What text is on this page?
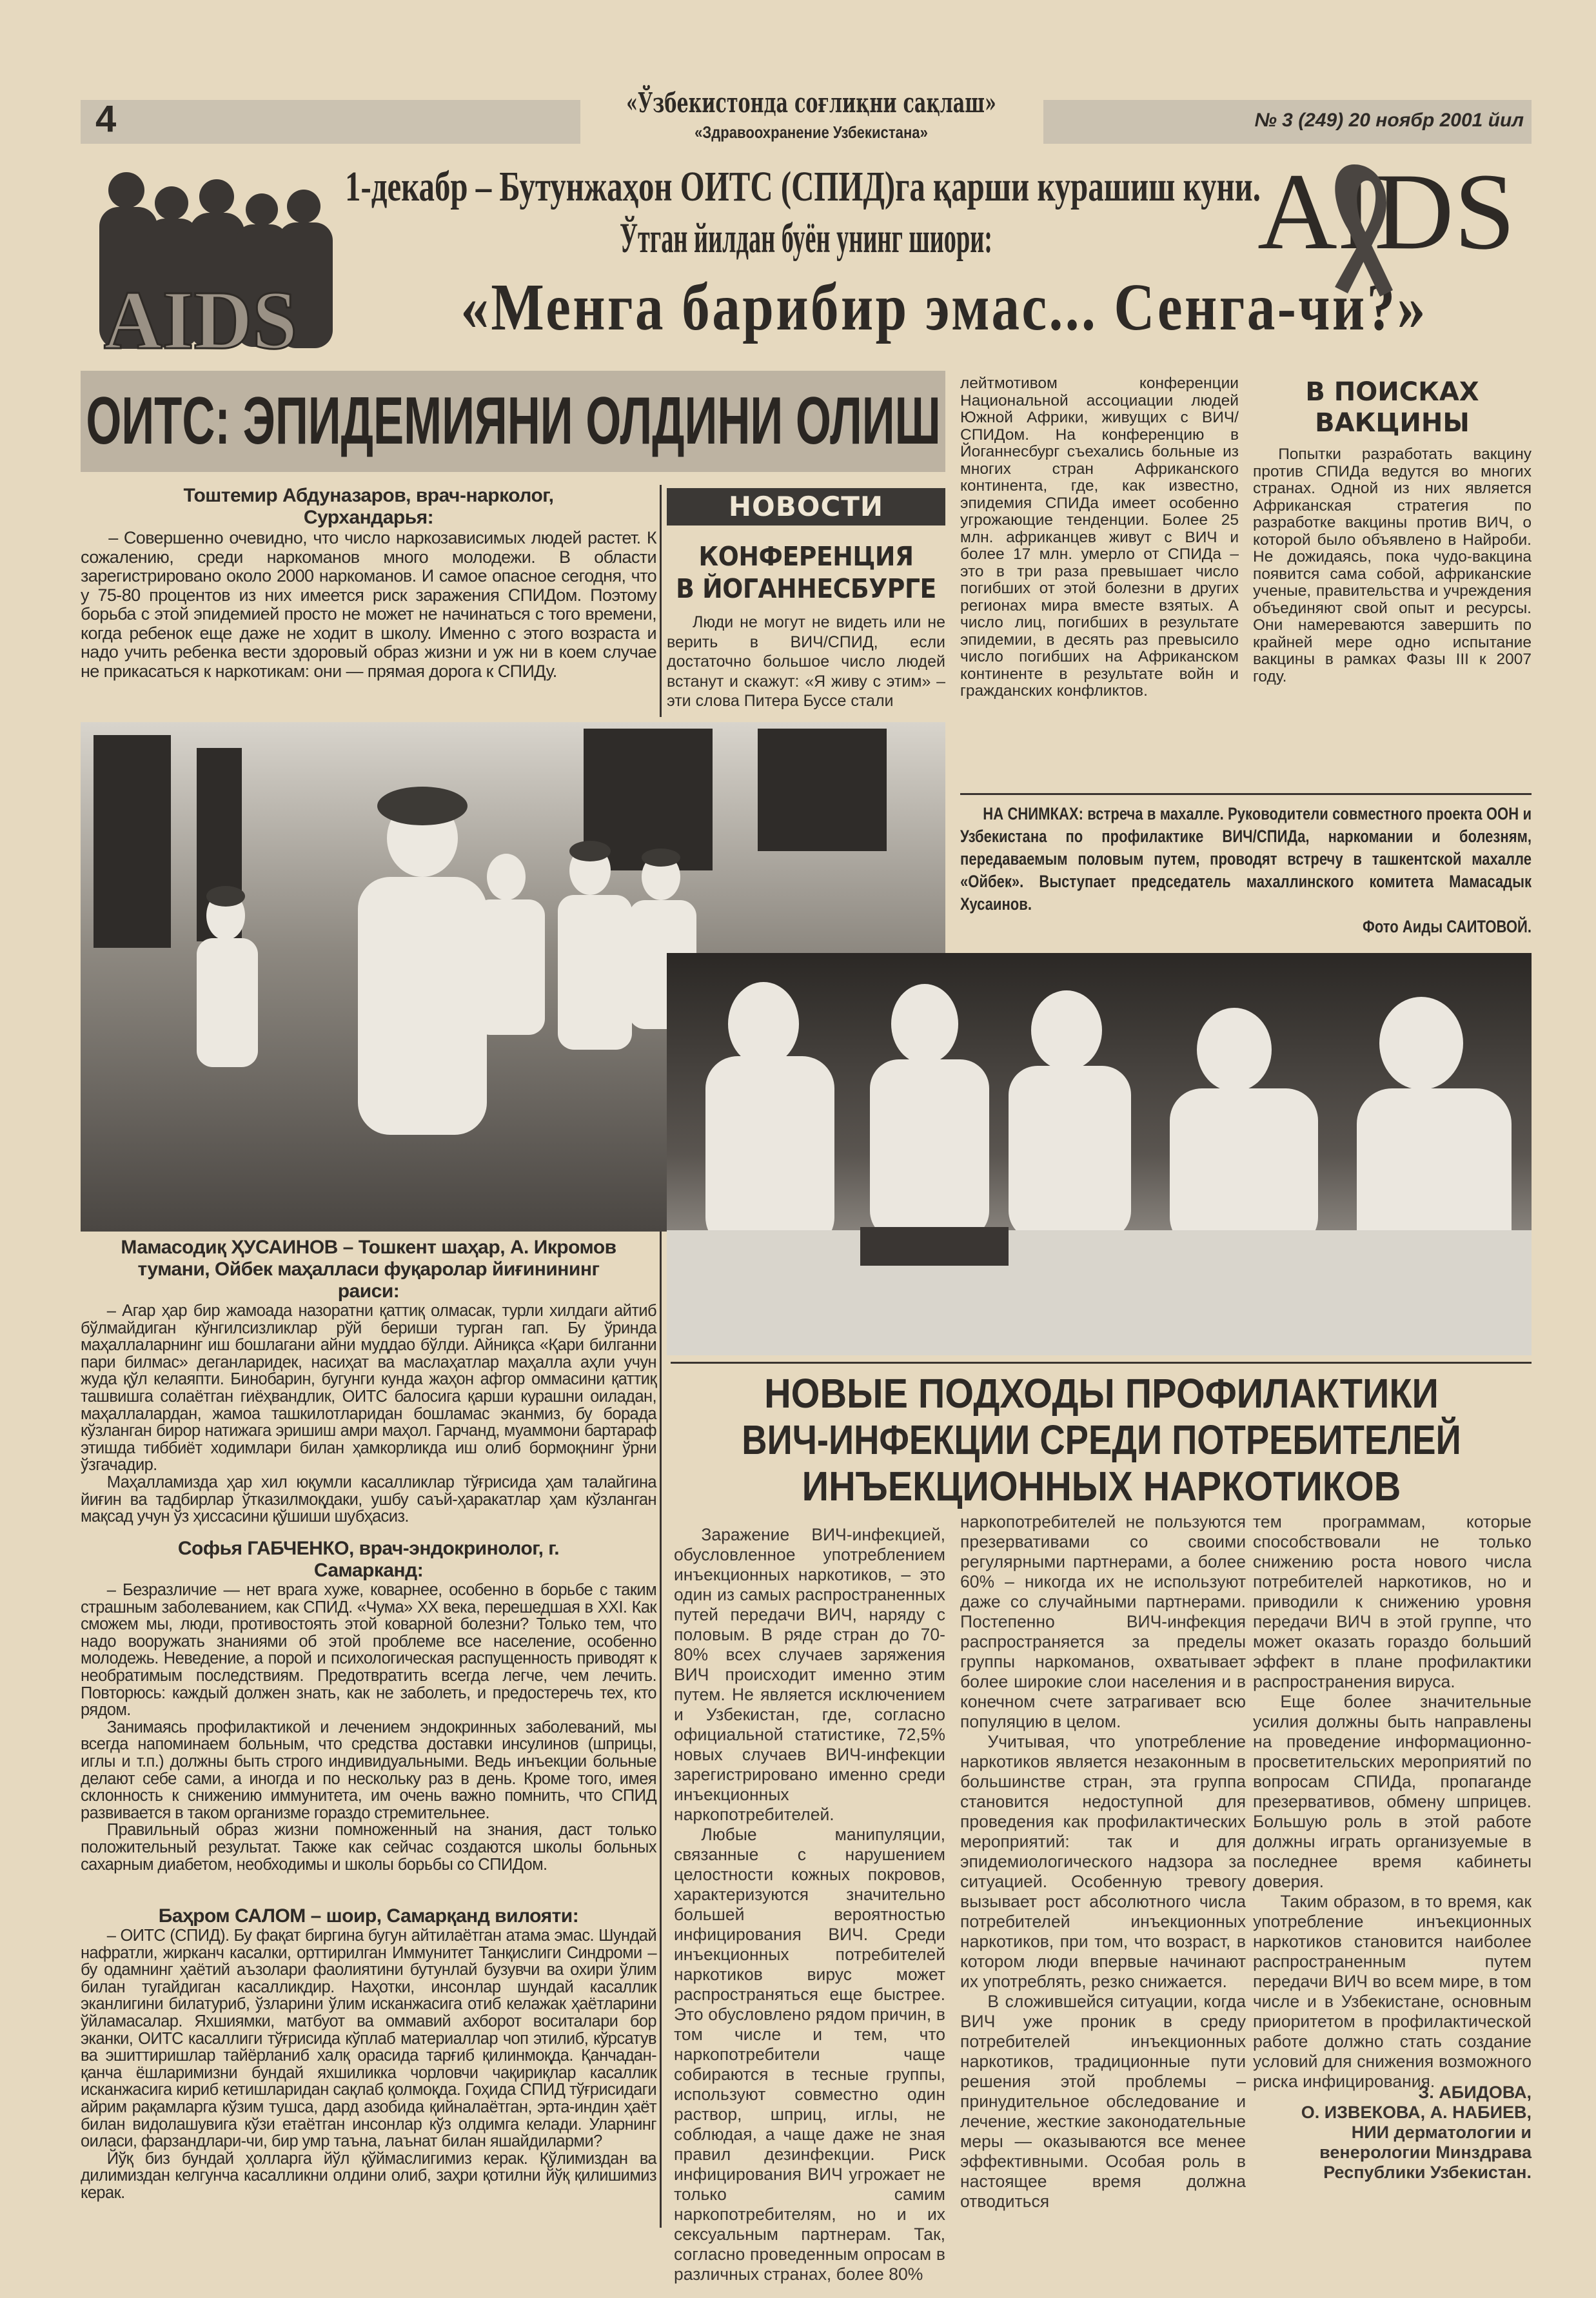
4	«Ўзбекистонда соғлиқни сақлаш»
«Здравоохранение Узбекистана»
№ 3 (249) 20 ноябр 2001 йил
AIDS
1-декабр – Бутунжаҳон ОИТС (СПИД)га қарши курашиш куни.
Ўтган йилдан буён унинг шиори:
«Менга барибир эмас... Сенга-чи?»
AIDS
ОИТС: ЭПИДЕМИЯНИ ОЛДИНИ ОЛИШ
Тоштемир Абдуназаров, врач-нарколог, Сурхандарья:

– Совершенно очевидно, что число наркозависимых людей растет. К сожалению, среди наркоманов много молодежи. В области зарегистрировано около 2000 наркоманов. И самое опасное сегодня, что у 75-80 процентов из них имеется риск заражения СПИДом. Поэтому борьба с этой эпидемией просто не может не начинаться с того времени, когда ребенок еще даже не ходит в школу. Именно с этого возраста и надо учить ребенка вести здоровый образ жизни и уж ни в коем случае не прикасаться к наркотикам: они — прямая дорога к СПИДу.

НОВОСТИ
КОНФЕРЕНЦИЯ
В ЙОГАННЕСБУРГЕ

Люди не могут не видеть или не верить в ВИЧ/СПИД, если достаточно большое число людей встанут и скажут: «Я живу с этим» – эти слова Питера Буссе стали

лейтмотивом конференции Национальной ассоциации людей Южной Африки, живущих с ВИЧ/СПИДом. На конференцию в Йоганнесбург съехались больные из многих стран Африканского континента, где, как известно, эпидемия СПИДа имеет особенно угрожающие тенденции. Более 25 млн. африканцев живут с ВИЧ и более 17 млн. умерло от СПИДа – это в три раза превышает число погибших от этой болезни в других регионах мира вместе взятых. А число лиц, погибших в результате эпидемии, в десять раз превысило число погибших на Африканском континенте в результате войн и гражданских конфликтов.

В ПОИСКАХ
ВАКЦИНЫ

Попытки разработать вакцину против СПИДа ведутся во многих странах. Одной из них является Африканская стратегия по разработке вакцины против ВИЧ, о которой было объявлено в Найроби. Не дожидаясь, пока чудо-вакцина появится сама собой, африканские ученые, правительства и учреждения объединяют свой опыт и ресурсы. Они намереваются завершить по крайней мере одно испытание вакцины в рамках Фазы III к 2007 году.

НА СНИМКАХ: встреча в махалле. Руководители совместного проекта ООН и Узбекистана по профилактике ВИЧ/СПИДа, наркомании и болезням, передаваемым половым путем, проводят встречу в ташкентской махалле «Ойбек». Выступает председатель махаллинского комитета Мамасадык Хусаинов.

Фото Аиды САИТОВОЙ.
Мамасодиқ ҲУСАИНОВ – Тошкент шаҳар, А. Икромов тумани, Ойбек маҳалласи фуқаролар йиғинининг раиси:

– Агар ҳар бир жамоада назоратни қаттиқ олмасак, турли хилдаги айтиб бўлмайдиган кўнгилсизликлар рўй бериши турган гап. Бу ўринда маҳаллаларнинг иш бошлагани айни муддао бўлди. Айниқса «Қари билганни пари билмас» деганларидек, насиҳат ва маслаҳатлар маҳалла аҳли учун жуда қўл келаяпти. Бинобарин, бугунги кунда жаҳон афгор оммасини қаттиқ ташвишга солаётган гиёҳвандлик, ОИТС балосига қарши курашни оиладан, маҳаллалардан, жамоа ташкилотларидан бошламас эканмиз, бу борада кўзланган бирор натижага эришиш амри маҳол. Гарчанд, муаммони бартараф этишда тиббиёт ходимлари билан ҳамкорликда иш олиб бормоқнинг ўрни ўзгачадир.

Маҳалламизда ҳар хил юқумли касалликлар тўғрисида ҳам талайгина йиғин ва тадбирлар ўтказилмоқдаки, ушбу саъй-ҳаракатлар ҳам кўзланган мақсад учун ўз ҳиссасини қўшиши шубҳасиз.

Софья ГАБЧЕНКО, врач-эндокринолог, г. Самарканд:

– Безразличие — нет врага хуже, коварнее, особенно в борьбе с таким страшным заболеванием, как СПИД. «Чума» XX века, перешедшая в XXI. Как сможем мы, люди, противостоять этой коварной болезни? Только тем, что надо вооружать знаниями об этой проблеме все население, особенно молодежь. Неведение, а порой и психологическая распущенность приводят к необратимым последствиям. Предотвратить всегда легче, чем лечить. Повторюсь: каждый должен знать, как не заболеть, и предостеречь тех, кто рядом.

Занимаясь профилактикой и лечением эндокринных заболеваний, мы всегда напоминаем больным, что средства доставки инсулинов (шприцы, иглы и т.п.) должны быть строго индивидуальными. Ведь инъекции больные делают себе сами, а иногда и по нескольку раз в день. Кроме того, имея склонность к снижению иммунитета, им очень важно помнить, что СПИД развивается в таком организме гораздо стремительнее.

Правильный образ жизни помноженный на знания, даст только положительный результат. Также как сейчас создаются школы больных сахарным диабетом, необходимы и школы борьбы со СПИДом.

Баҳром САЛОМ – шоир, Самарқанд вилояти:

– ОИТС (СПИД). Бу фақат биргина бугун айтилаётган атама эмас. Шундай нафратли, жирканч касалки, орттирилган Иммунитет Танқислиги Синдроми – бу одамнинг ҳаётий аъзолари фаолиятини бутунлай бузувчи ва охири ўлим билан тугайдиган касалликдир. Наҳотки, инсонлар шундай касаллик эканлигини билатуриб, ўзларини ўлим исканжасига отиб келажак ҳаётларини ўйламасалар. Яхшиямки, матбуот ва оммавий ахборот воситалари бор эканки, ОИТС касаллиги тўғрисида кўплаб материаллар чоп этилиб, кўрсатув ва эшиттиришлар тайёрланиб халқ орасида тарғиб қилинмоқда. Қанчадан-қанча ёшларимизни бундай яхшиликка чорловчи чақириқлар касаллик исканжасига кириб кетишларидан сақлаб қолмоқда. Гоҳида СПИД тўғрисидаги айрим рақамларга кўзим тушса, дард азобида қийналаётган, эрта-индин ҳаёт билан видолашувига кўзи етаётган инсонлар кўз олдимга келади. Уларнинг оиласи, фарзандлари-чи, бир умр таъна, лаънат билан яшайдиларми?

Йўқ биз бундай ҳолларга йўл қўймаслигимиз керак. Қўлимиздан ва дилимиздан келгунча касалликни олдини олиб, заҳри қотилни йўқ қилишимиз керак.

НОВЫЕ ПОДХОДЫ ПРОФИЛАКТИКИ
ВИЧ-ИНФЕКЦИИ СРЕДИ ПОТРЕБИТЕЛЕЙ
ИНЪЕКЦИОННЫХ НАРКОТИКОВ

Заражение ВИЧ-инфекцией, обусловленное употреблением инъекционных наркотиков, – это один из самых распространенных путей передачи ВИЧ, наряду с половым. В ряде стран до 70-80% всех случаев заряжения ВИЧ происходит именно этим путем. Не является исключением и Узбекистан, где, согласно официальной статистике, 72,5% новых случаев ВИЧ-инфекции зарегистрировано именно среди инъекционных наркопотребителей.

Любые манипуляции, связанные с нарушением целостности кожных покровов, характеризуются значительно большей вероятностью инфицирования ВИЧ. Среди инъекционных потребителей наркотиков вирус может распространяться еще быстрее. Это обусловлено рядом причин, в том числе и тем, что наркопотребители чаще собираются в тесные группы, используют совместно один раствор, шприц, иглы, не соблюдая, а чаще даже не зная правил дезинфекции. Риск инфицирования ВИЧ угрожает не только самим наркопотребителям, но и их сексуальным партнерам. Так, согласно проведенным опросам в различных странах, более 80%

наркопотребителей не пользуются презервативами со своими регулярными партнерами, а более 60% – никогда их не используют даже со случайными партнерами. Постепенно ВИЧ-инфекция распространяется за пределы группы наркоманов, охватывает более широкие слои населения и в конечном счете затрагивает всю популяцию в целом.

Учитывая, что употребление наркотиков является незаконным в большинстве стран, эта группа становится недоступной для проведения как профилактических мероприятий: так и для эпидемиологического надзора за ситуацией. Особенную тревогу вызывает рост абсолютного числа потребителей инъекционных наркотиков, при том, что возраст, в котором люди впервые начинают их употреблять, резко снижается.

В сложившейся ситуации, когда ВИЧ уже проник в среду потребителей инъекционных наркотиков, традиционные пути решения этой проблемы – принудительное обследование и лечение, жесткие законодательные меры — оказываются все менее эффективными. Особая роль в настоящее время должна отводиться

тем программам, которые способствовали не только снижению роста нового числа потребителей наркотиков, но и приводили к снижению уровня передачи ВИЧ в этой группе, что может оказать гораздо больший эффект в плане профилактики распространения вируса.

Еще более значительные усилия должны быть направлены на проведение информационно-просветительских мероприятий по вопросам СПИДа, пропаганде презервативов, обмену шприцев. Большую роль в этой работе должны играть организуемые в последнее время кабинеты доверия.

Таким образом, в то время, как употребление инъекционных наркотиков становится наиболее распространенным путем передачи ВИЧ во всем мире, в том числе и в Узбекистане, основным приоритетом в профилактической работе должно стать создание условий для снижения возможного риска инфицирования.

З. АБИДОВА,
О. ИЗВЕКОВА, А. НАБИЕВ,
НИИ дерматологии и
венерологии Минздрава
Республики Узбекистан.
